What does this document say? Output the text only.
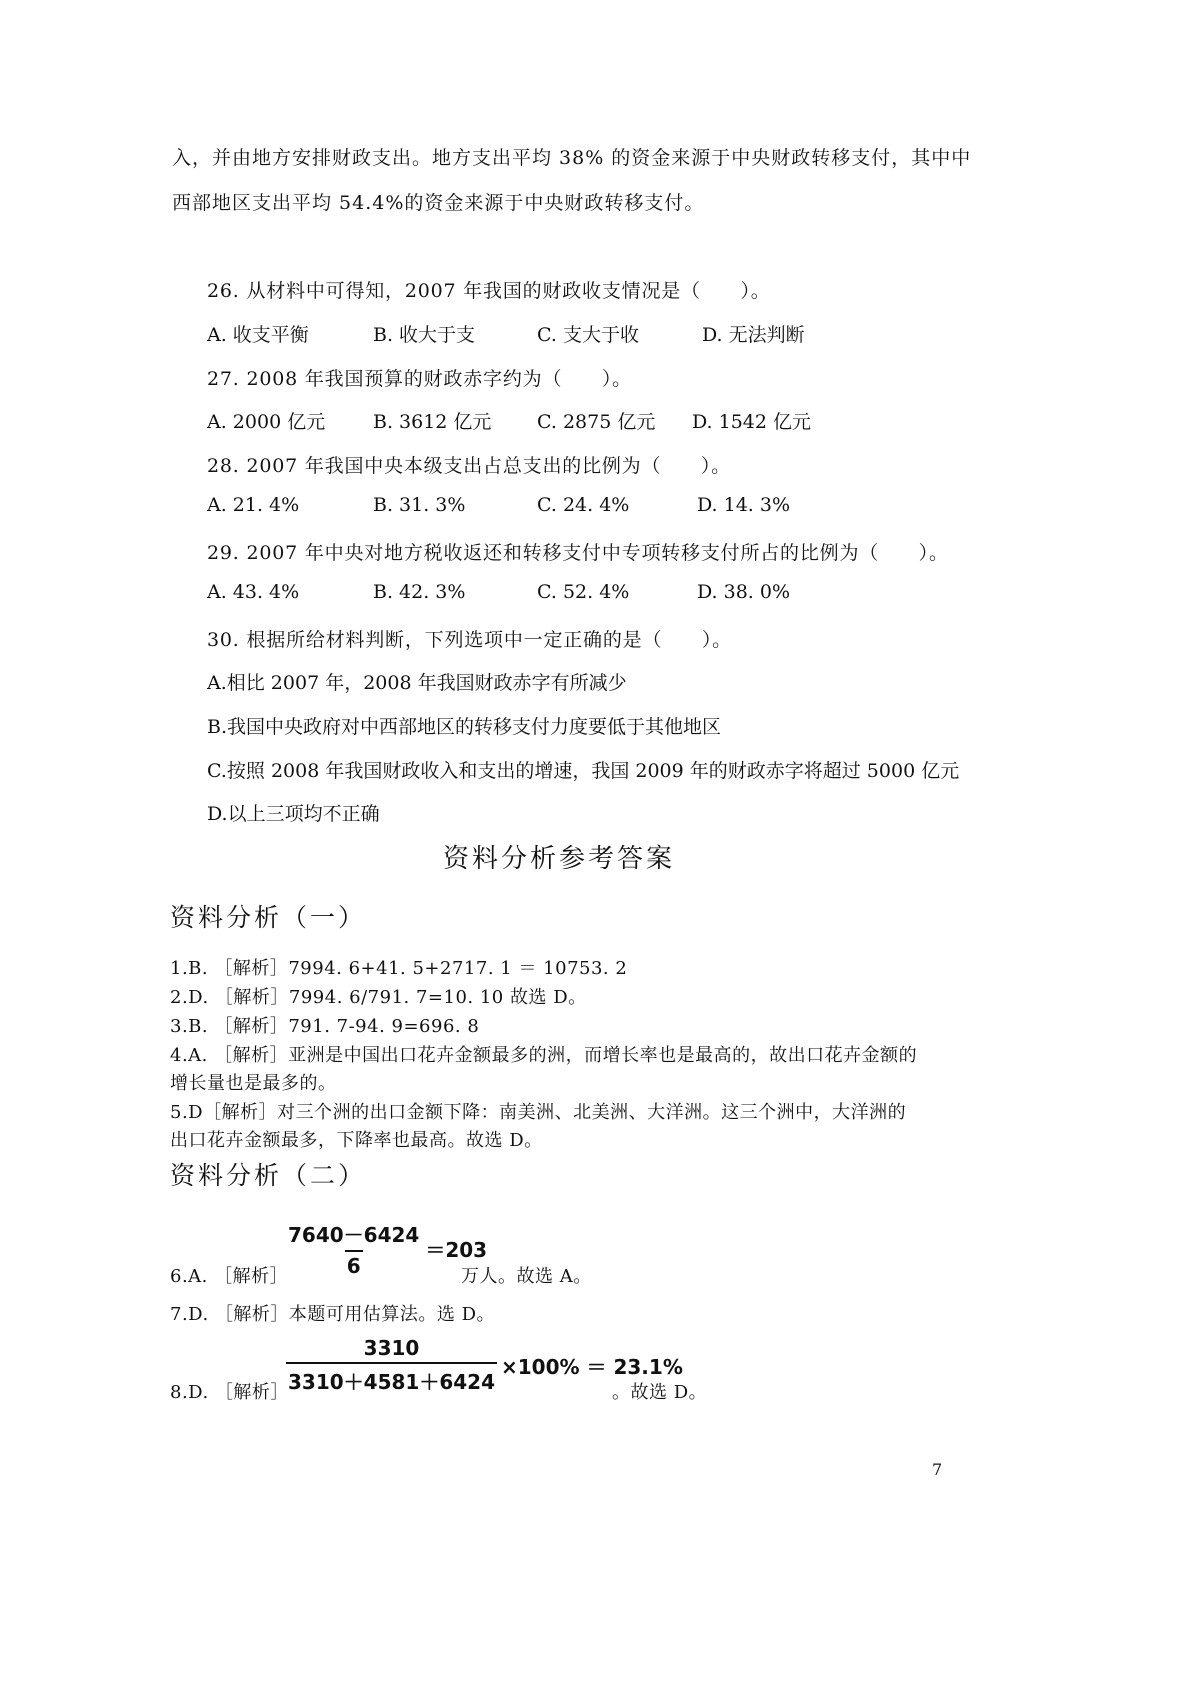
入，并由地方安排财政支出。地方支出平均 38% 的资金来源于中央财政转移支付，其中中
西部地区支出平均 54.4%的资金来源于中央财政转移支付。
26. 从材料中可得知，2007 年我国的财政收支情况是（　　）。
A. 收支平衡	B. 收大于支	C. 支大于收	D. 无法判断
27. 2008 年我国预算的财政赤字约为（　　）。
A. 2000 亿元	B. 3612 亿元 C. 2875 亿元 D. 1542 亿元
28. 2007 年我国中央本级支出占总支出的比例为（　　）。
A. 21. 4%	B. 31. 3%	C. 24. 4%	D. 14. 3%
29. 2007 年中央对地方税收返还和转移支付中专项转移支付所占的比例为（　　）。
A. 43. 4%	B. 42. 3%	C. 52. 4%	D. 38. 0%
30. 根据所给材料判断，下列选项中一定正确的是（　　）。
A.相比 2007 年，2008 年我国财政赤字有所减少
B.我国中央政府对中西部地区的转移支付力度要低于其他地区
C.按照 2008 年我国财政收入和支出的增速，我国 2009 年的财政赤字将超过 5000 亿元
D.以上三项均不正确
资料分析参考答案
资料分析（一）
1.B. ［解析］7994. 6+41. 5+2717. 1 ＝ 10753. 2
2.D. ［解析］7994. 6/791. 7=10. 10 故选 D。
3.B. ［解析］791. 7-94. 9=696. 8
4.A. ［解析］亚洲是中国出口花卉金额最多的洲，而增长率也是最高的，故出口花卉金额的
增长量也是最多的。
5.D［解析］对三个洲的出口金额下降：南美洲、北美洲、大洋洲。这三个洲中，大洋洲的
出口花卉金额最多，下降率也最高。故选 D。
资料分析（二）
6.A. ［解析］
$\frac{7640-6424}{6} =203$
万人。故选 A。
7.D. ［解析］本题可用估算法。选 D。
8.D. ［解析］
$\frac{3310}{3310+4581+6424} \times 100\% = 23.1\%$
。故选 D。
7
